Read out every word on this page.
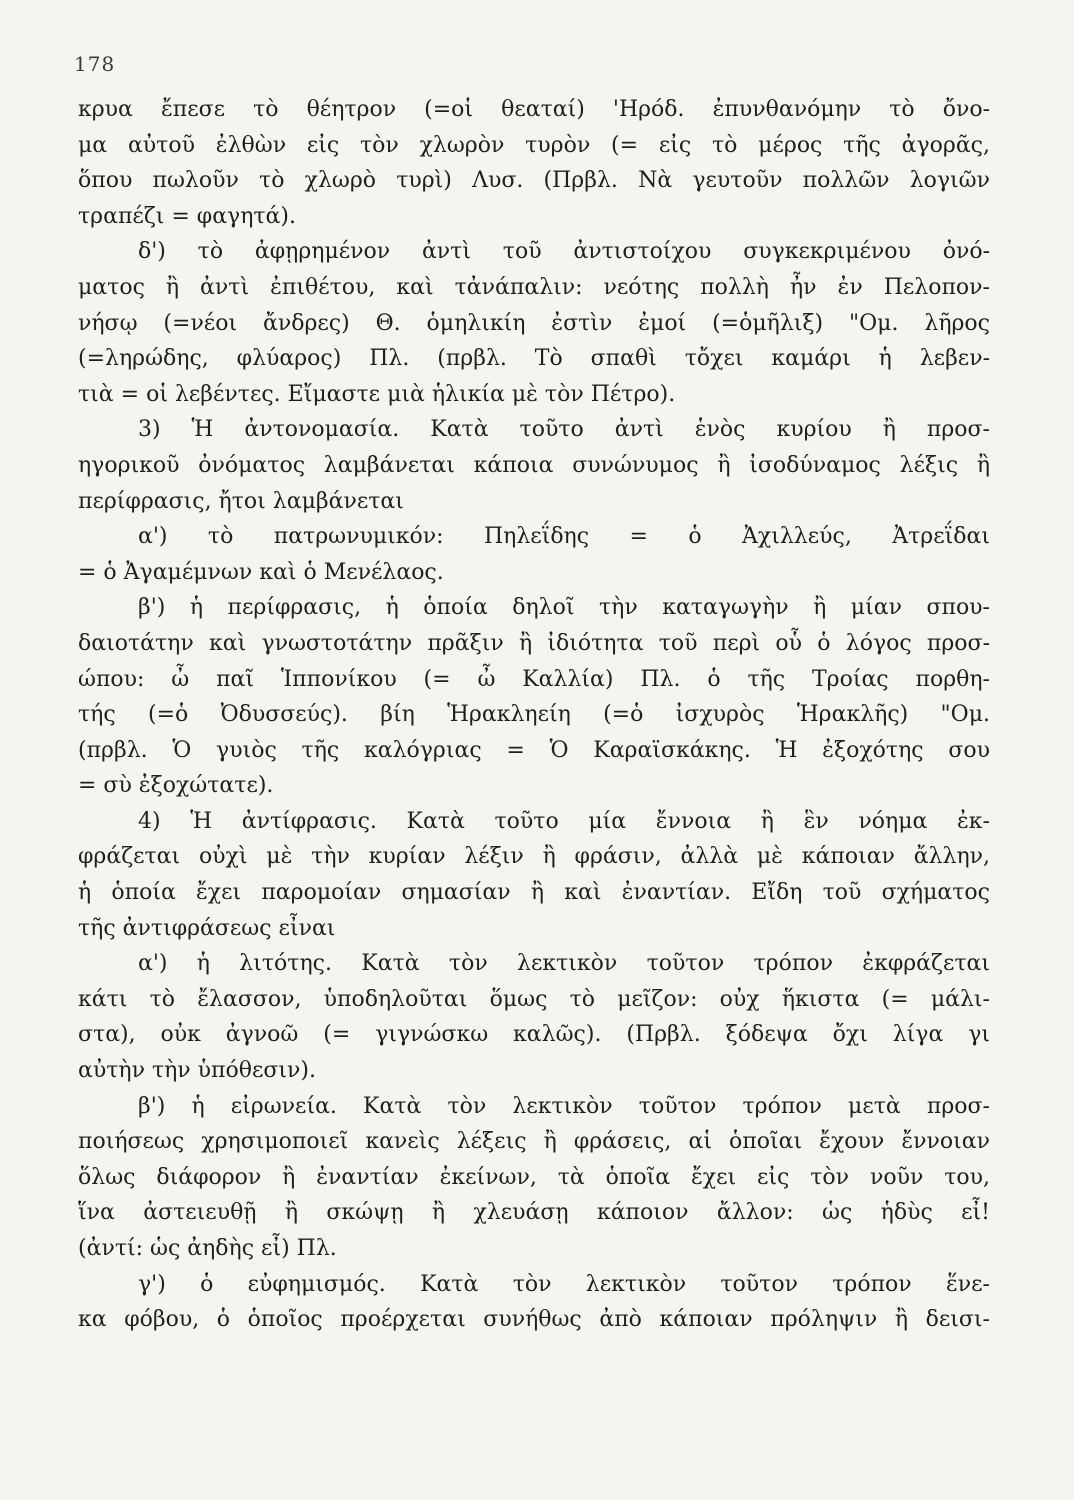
178
κρυα ἔπεσε τὸ θέητρον (=οἱ θεαταί) 'Ηρόδ. ἐπυνθανόμην τὸ ὄνο-
μα αὐτοῦ ἐλθὼν εἰς τὸν χλωρὸν τυρὸν (= εἰς τὸ μέρος τῆς ἀγορᾶς,
ὅπου πωλοῦν τὸ χλωρὸ τυρὶ) Λυσ. (Πρβλ. Νὰ γευτοῦν πολλῶν λογιῶν
τραπέζι = φαγητά).
δ') τὸ ἀφῃρημένον ἀντὶ τοῦ ἀντιστοίχου συγκεκριμένου ὀνό-
ματος ἢ ἀντὶ ἐπιθέτου, καὶ τἀνάπαλιν: νεότης πολλὴ ἦν ἐν Πελοπον-
νήσῳ (=νέοι ἄνδρες) Θ. ὁμηλικίη ἐστὶν ἐμοί (=ὁμῆλιξ) "Ομ. λῆρος
(=ληρώδης, φλύαρος) Πλ. (πρβλ. Τὸ σπαθὶ τὄχει καμάρι ἡ λεβεν-
τιὰ = οἱ λεβέντες. Εἴμαστε μιὰ ἡλικία μὲ τὸν Πέτρο).
3) Ἡ ἀντονομασία. Κατὰ τοῦτο ἀντὶ ἑνὸς κυρίου ἢ προσ-
ηγορικοῦ ὀνόματος λαμβάνεται κάποια συνώνυμος ἢ ἰσοδύναμος λέξις ἢ
περίφρασις, ἤτοι λαμβάνεται
α') τὸ πατρωνυμικόν: Πηλεΐδης = ὁ Ἀχιλλεύς, Ἀτρεΐδαι
= ὁ Ἀγαμέμνων καὶ ὁ Μενέλαος.
β') ἡ περίφρασις, ἡ ὁποία δηλοῖ τὴν καταγωγὴν ἢ μίαν σπου-
δαιοτάτην καὶ γνωστοτάτην πρᾶξιν ἢ ἰδιότητα τοῦ περὶ οὗ ὁ λόγος προσ-
ώπου: ὦ παῖ Ἱππονίκου (= ὦ Καλλία) Πλ. ὁ τῆς Τροίας πορθη-
τής (=ὁ Ὀδυσσεύς). βίη Ἡρακληείη (=ὁ ἰσχυρὸς Ἡρακλῆς) "Ομ.
(πρβλ. Ὁ γυιὸς τῆς καλόγριας = Ὁ Καραϊσκάκης. Ἡ ἐξοχότης σου
= σὺ ἐξοχώτατε).
4) Ἡ ἀντίφρασις. Κατὰ τοῦτο μία ἔννοια ἢ ἓν νόημα ἐκ-
φράζεται οὐχὶ μὲ τὴν κυρίαν λέξιν ἢ φράσιν, ἀλλὰ μὲ κάποιαν ἄλλην,
ἡ ὁποία ἔχει παρομοίαν σημασίαν ἢ καὶ ἐναντίαν. Εἴδη τοῦ σχήματος
τῆς ἀντιφράσεως εἶναι
α') ἡ λιτότης. Κατὰ τὸν λεκτικὸν τοῦτον τρόπον ἐκφράζεται
κάτι τὸ ἔλασσον, ὑποδηλοῦται ὅμως τὸ μεῖζον: οὐχ ἥκιστα (= μάλι-
στα), οὐκ ἀγνοῶ (= γιγνώσκω καλῶς). (Πρβλ. ξόδεψα ὄχι λίγα γι
αὐτὴν τὴν ὑπόθεσιν).
β') ἡ εἰρωνεία. Κατὰ τὸν λεκτικὸν τοῦτον τρόπον μετὰ προσ-
ποιήσεως χρησιμοποιεῖ κανεὶς λέξεις ἢ φράσεις, αἱ ὁποῖαι ἔχουν ἔννοιαν
ὅλως διάφορον ἢ ἐναντίαν ἐκείνων, τὰ ὁποῖα ἔχει εἰς τὸν νοῦν του,
ἵνα ἀστειευθῇ ἢ σκώψῃ ἢ χλευάσῃ κάποιον ἄλλον: ὡς ἡδὺς εἶ!
(ἀντί: ὡς ἀηδὴς εἶ) Πλ.
γ') ὁ εὐφημισμός. Κατὰ τὸν λεκτικὸν τοῦτον τρόπον ἕνε-
κα φόβου, ὁ ὁποῖος προέρχεται συνήθως ἀπὸ κάποιαν πρόληψιν ἢ δεισι-
